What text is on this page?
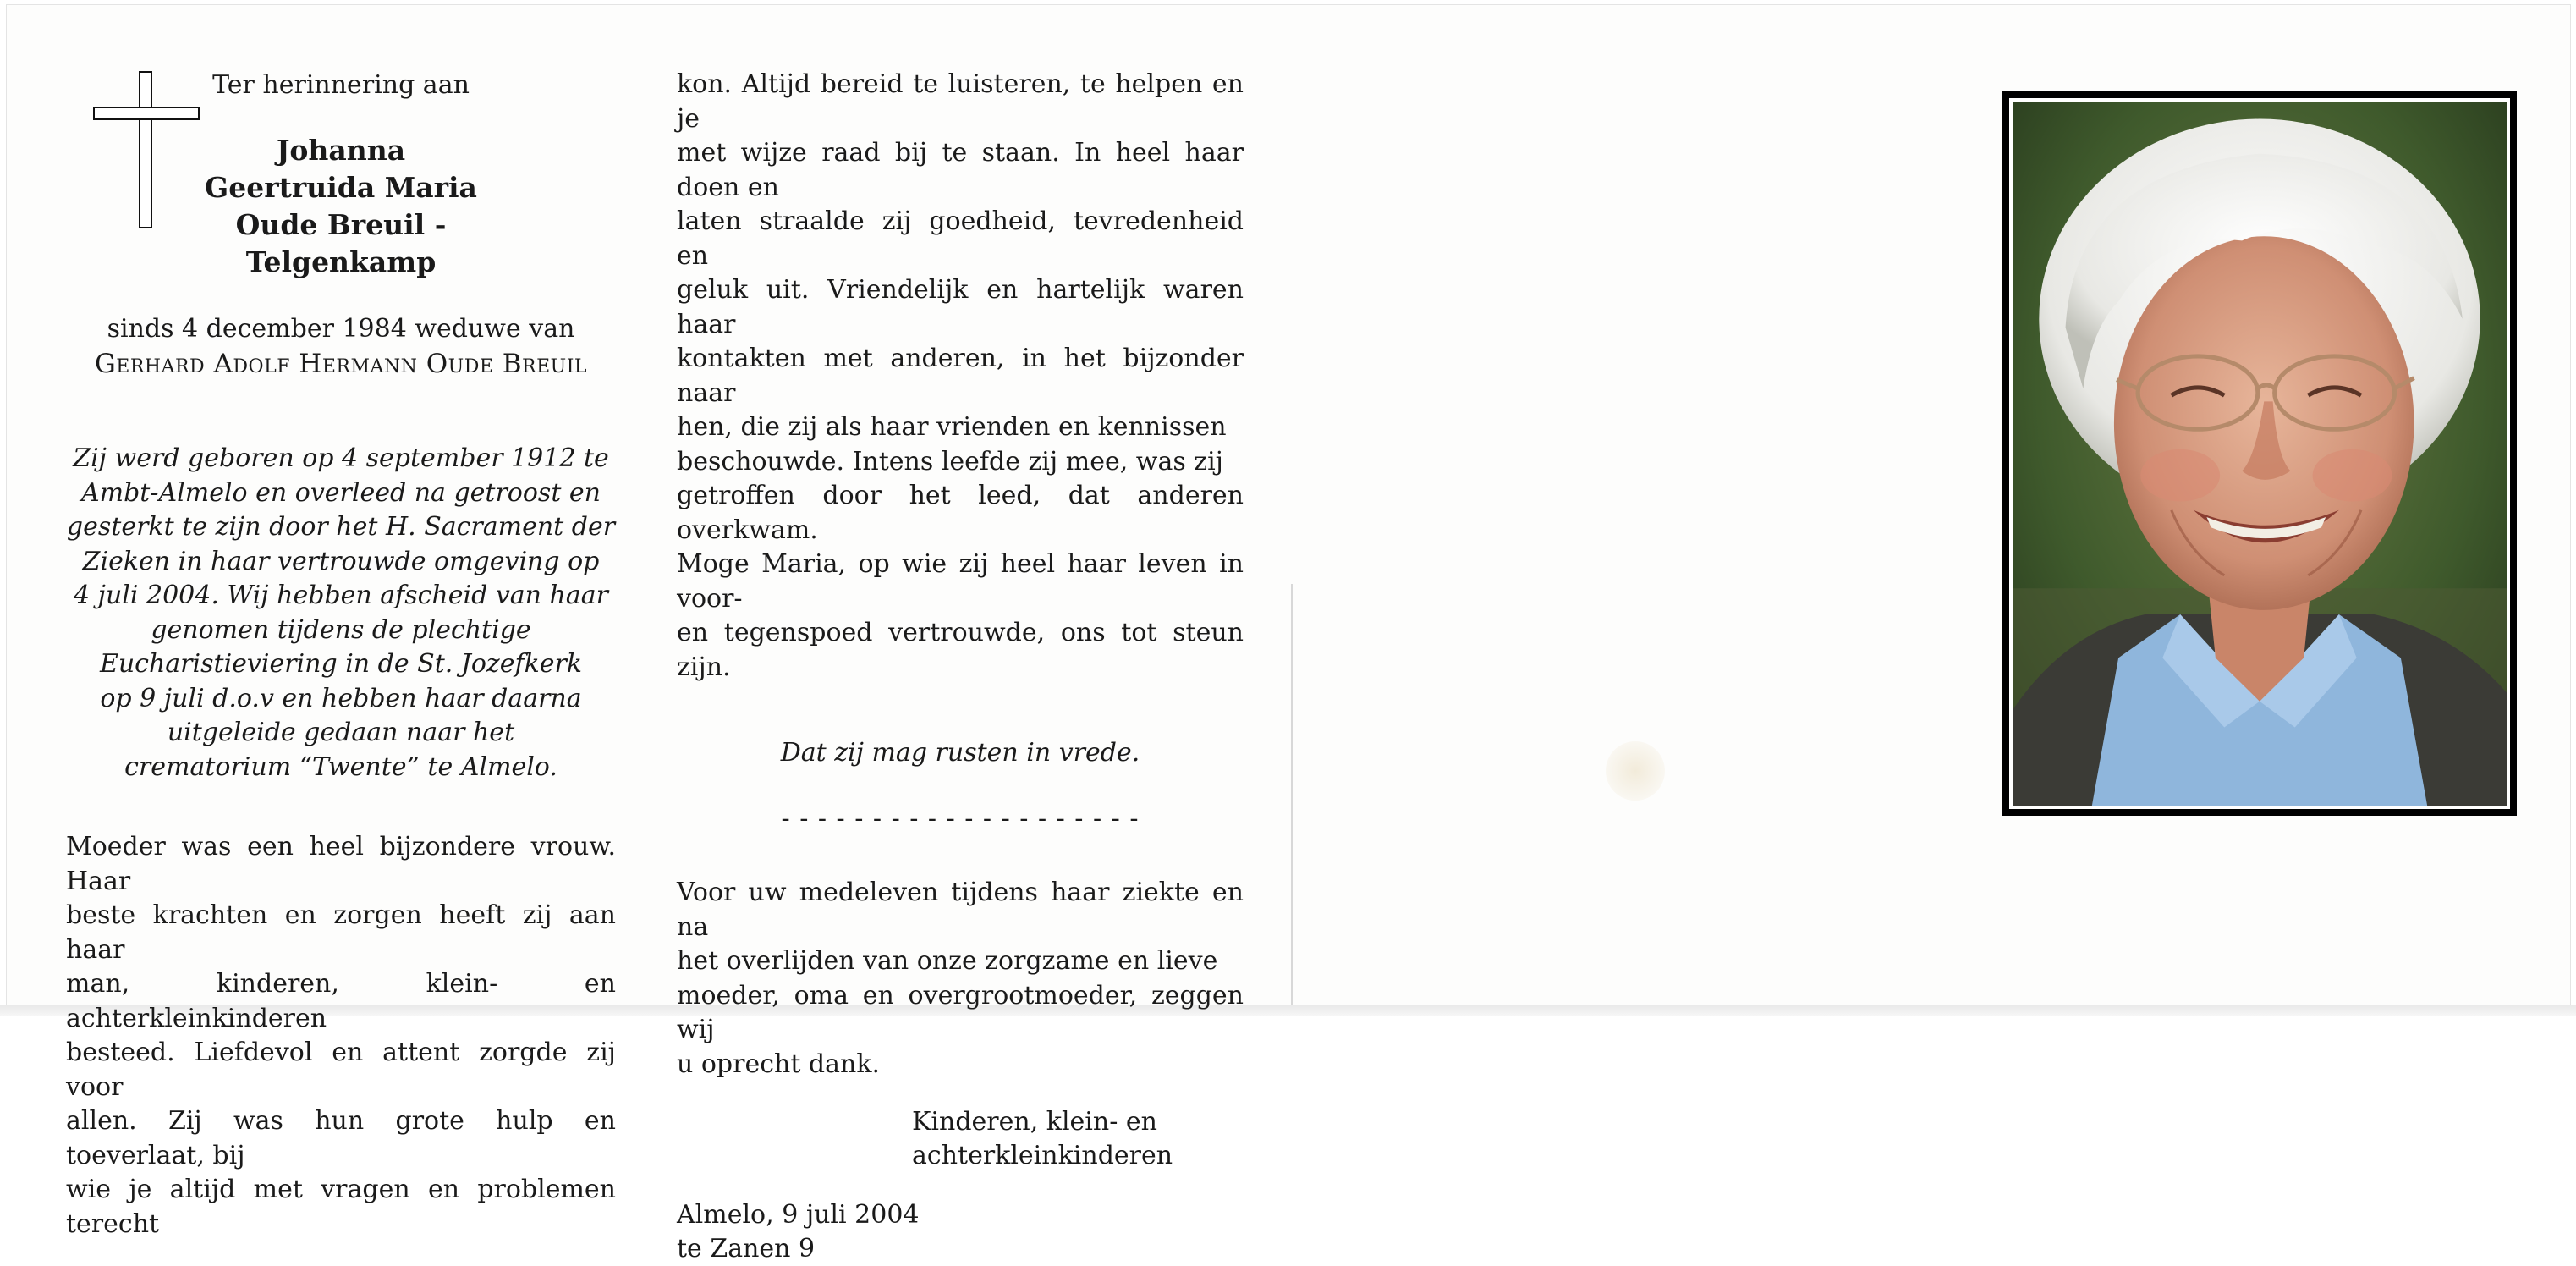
Ter herinnering aan
Johanna Geertruida Maria
Oude Breuil - Telgenkamp
sinds 4 december 1984 weduwe van
Gerhard Adolf Hermann Oude Breuil
Zij werd geboren op 4 september 1912 te
Ambt-Almelo en overleed na getroost en
gesterkt te zijn door het H. Sacrament der
Zieken in haar vertrouwde omgeving op
4 juli 2004. Wij hebben afscheid van haar
genomen tijdens de plechtige
Eucharistieviering in de St. Jozefkerk
op 9 juli d.o.v en hebben haar daarna
uitgeleide gedaan naar het
crematorium “Twente” te Almelo.
Moeder was een heel bijzondere vrouw. Haar
beste krachten en zorgen heeft zij aan haar
man, kinderen, klein- en achterkleinkinderen
besteed. Liefdevol en attent zorgde zij voor
allen. Zij was hun grote hulp en toeverlaat, bij
wie je altijd met vragen en problemen terecht
kon. Altijd bereid te luisteren, te helpen en je
met wijze raad bij te staan. In heel haar doen en
laten straalde zij goedheid, tevredenheid en
geluk uit. Vriendelijk en hartelijk waren haar
kontakten met anderen, in het bijzonder naar
hen, die zij als haar vrienden en kennissen
beschouwde. Intens leefde zij mee, was zij
getroffen door het leed, dat anderen overkwam.
Moge Maria, op wie zij heel haar leven in voor-
en tegenspoed vertrouwde, ons tot steun zijn.
Dat zij mag rusten in vrede.
- - - - - - - - - - - - - - - - - - - -
Voor uw medeleven tijdens haar ziekte en na
het overlijden van onze zorgzame en lieve
moeder, oma en overgrootmoeder, zeggen wij
u oprecht dank.
Kinderen, klein- en
achterkleinkinderen
Almelo, 9 juli 2004
te Zanen 9
